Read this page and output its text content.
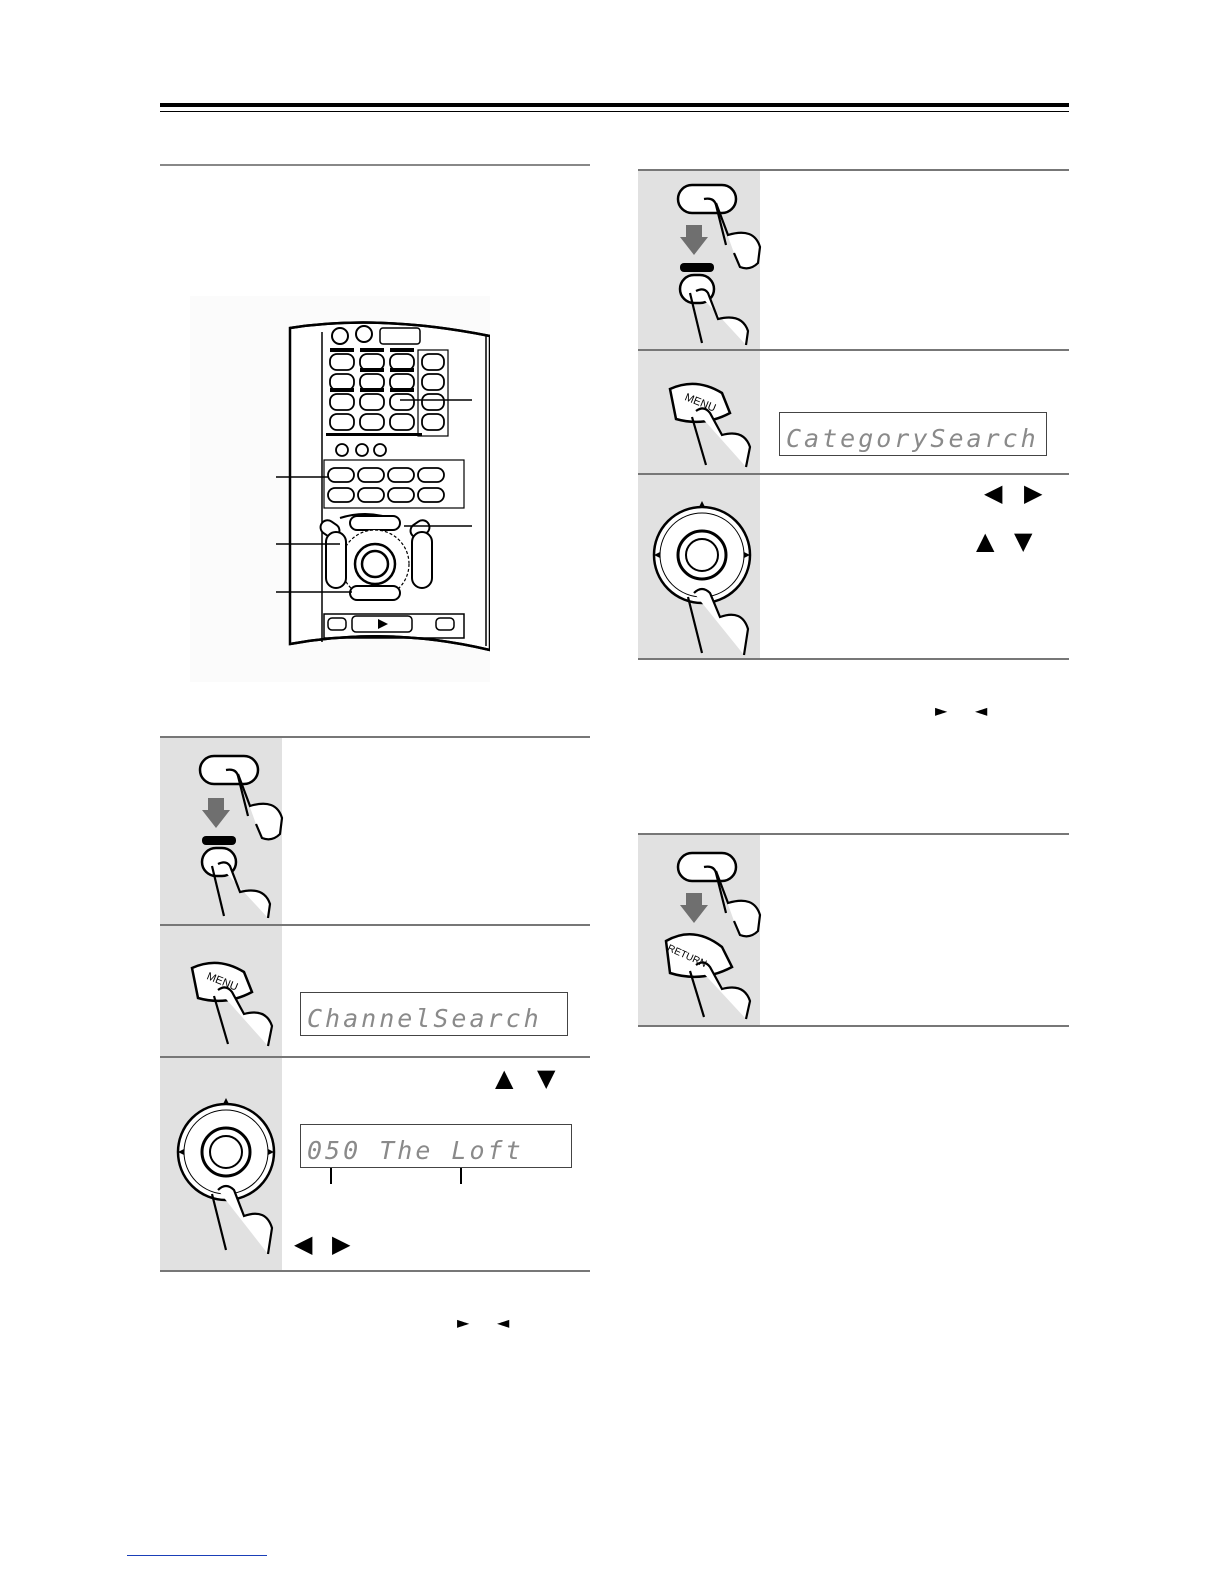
MENU
ChannelSearch
▲ ▼
050 The Loft
◀ ▶
► ◄
MENU
CategorySearch
◀ ▶
▲ ▼
► ◄
RETURN
